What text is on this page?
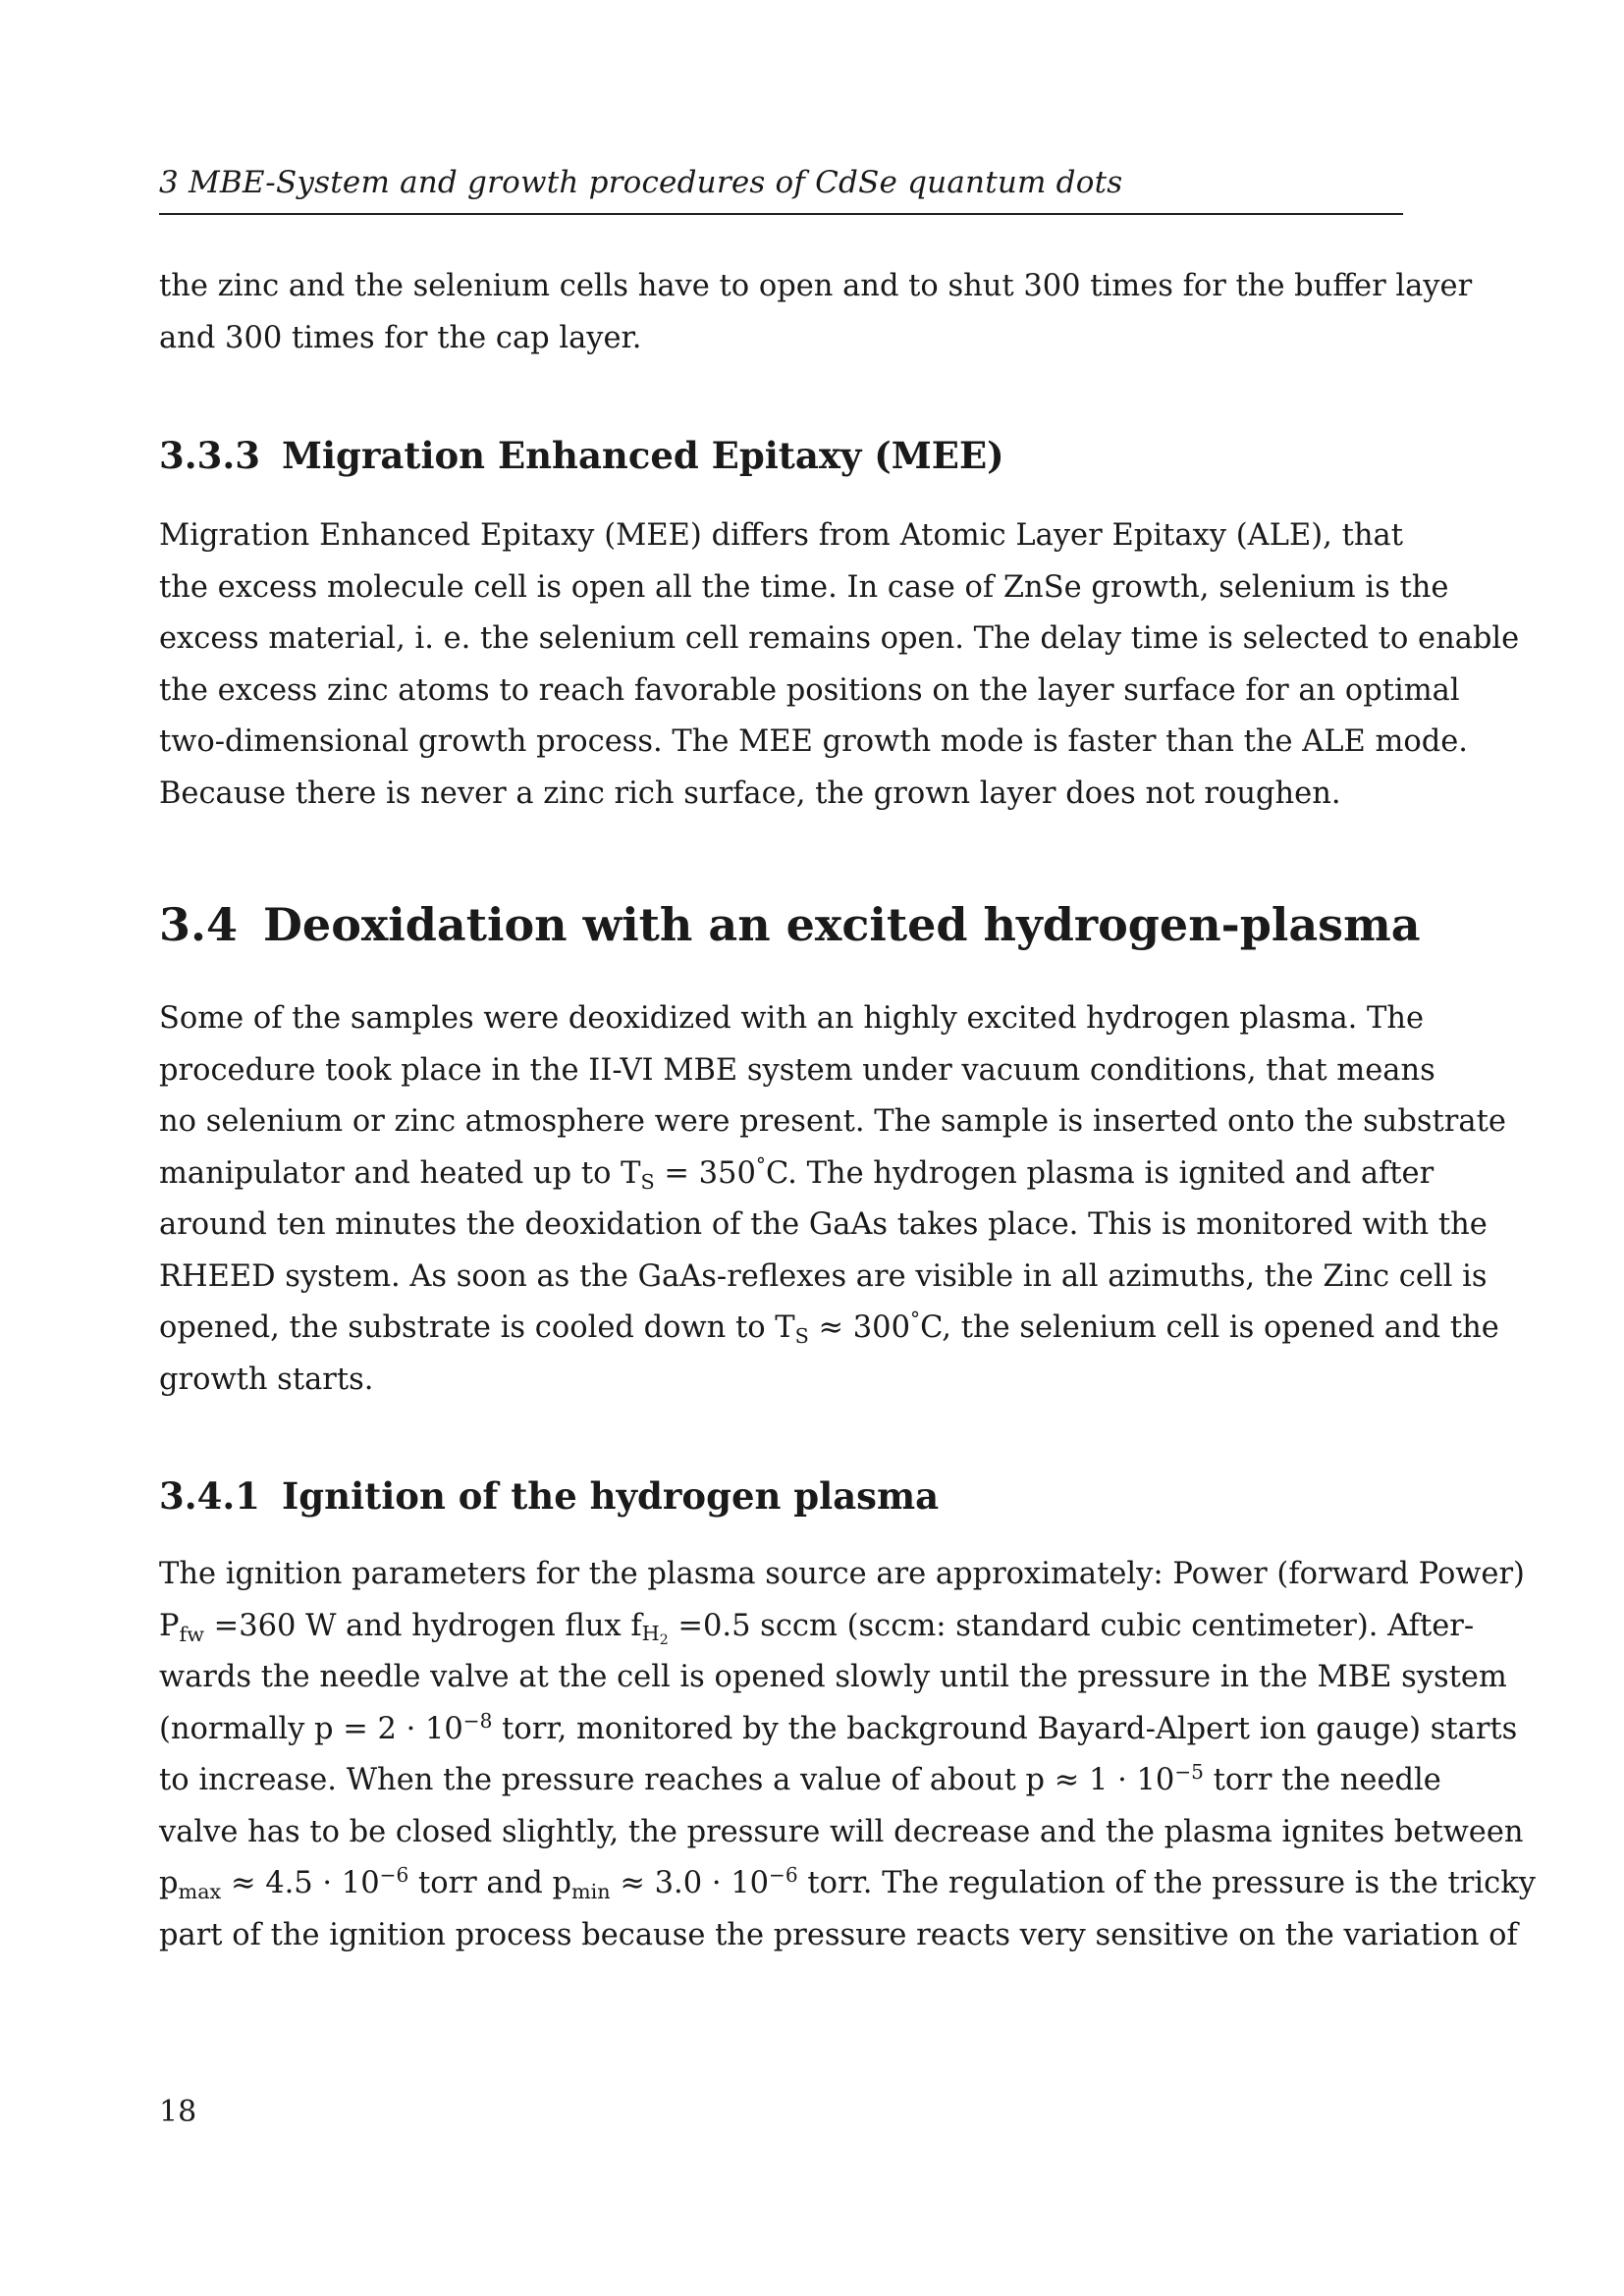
3 MBE-System and growth procedures of CdSe quantum dots
the zinc and the selenium cells have to open and to shut 300 times for the buffer layer
and 300 times for the cap layer.
3.3.3 Migration Enhanced Epitaxy (MEE)
Migration Enhanced Epitaxy (MEE) differs from Atomic Layer Epitaxy (ALE), that
the excess molecule cell is open all the time. In case of ZnSe growth, selenium is the
excess material, i. e. the selenium cell remains open. The delay time is selected to enable
the excess zinc atoms to reach favorable positions on the layer surface for an optimal
two-dimensional growth process. The MEE growth mode is faster than the ALE mode.
Because there is never a zinc rich surface, the grown layer does not roughen.
3.4 Deoxidation with an excited hydrogen-plasma
Some of the samples were deoxidized with an highly excited hydrogen plasma. The
procedure took place in the II-VI MBE system under vacuum conditions, that means
no selenium or zinc atmosphere were present. The sample is inserted onto the substrate
manipulator and heated up to $T_S = 350^\circ C$. The hydrogen plasma is ignited and after
around ten minutes the deoxidation of the GaAs takes place. This is monitored with the
RHEED system. As soon as the GaAs-reflexes are visible in all azimuths, the Zinc cell is
opened, the substrate is cooled down to $T_S \approx 300^\circ C$, the selenium cell is opened and the
growth starts.
3.4.1 Ignition of the hydrogen plasma
The ignition parameters for the plasma source are approximately: Power (forward Power)
$P_{fw} =360$ W and hydrogen flux $f_{H_2} =0.5$ sccm (sccm: standard cubic centimeter). After-
wards the needle valve at the cell is opened slowly until the pressure in the MBE system
(normally $p = 2 \cdot 10^{-8}$ torr, monitored by the background Bayard-Alpert ion gauge) starts
to increase. When the pressure reaches a value of about $p \approx 1 \cdot 10^{-5}$ torr the needle
valve has to be closed slightly, the pressure will decrease and the plasma ignites between
$p_{max} \approx 4.5 \cdot 10^{-6}$ torr and $p_{min} \approx 3.0 \cdot 10^{-6}$ torr. The regulation of the pressure is the tricky
part of the ignition process because the pressure reacts very sensitive on the variation of
18
